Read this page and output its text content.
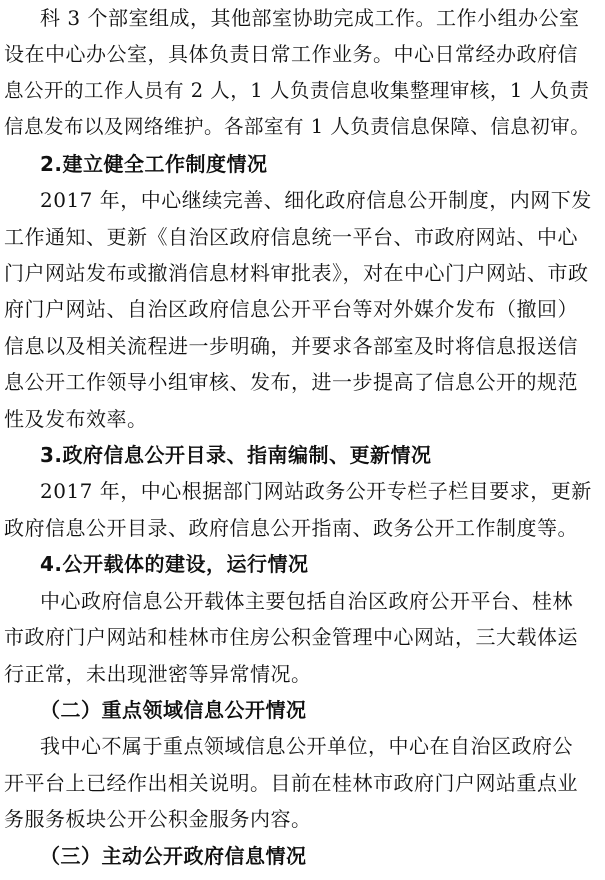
科 3 个部室组成，其他部室协助完成工作。工作小组办公室
设在中心办公室，具体负责日常工作业务。中心日常经办政府信
息公开的工作人员有 2 人，1 人负责信息收集整理审核，1 人负责
信息发布以及网络维护。各部室有 1 人负责信息保障、信息初审。
2.建立健全工作制度情况
2017 年，中心继续完善、细化政府信息公开制度，内网下发
工作通知、更新《自治区政府信息统一平台、市政府网站、中心
门户网站发布或撤消信息材料审批表》，对在中心门户网站、市政
府门户网站、自治区政府信息公开平台等对外媒介发布（撤回）
信息以及相关流程进一步明确，并要求各部室及时将信息报送信
息公开工作领导小组审核、发布，进一步提高了信息公开的规范
性及发布效率。
3.政府信息公开目录、指南编制、更新情况
2017 年，中心根据部门网站政务公开专栏子栏目要求，更新
政府信息公开目录、政府信息公开指南、政务公开工作制度等。
4.公开载体的建设，运行情况
中心政府信息公开载体主要包括自治区政府公开平台、桂林
市政府门户网站和桂林市住房公积金管理中心网站，三大载体运
行正常，未出现泄密等异常情况。
（二）重点领域信息公开情况
我中心不属于重点领域信息公开单位，中心在自治区政府公
开平台上已经作出相关说明。目前在桂林市政府门户网站重点业
务服务板块公开公积金服务内容。
（三）主动公开政府信息情况
